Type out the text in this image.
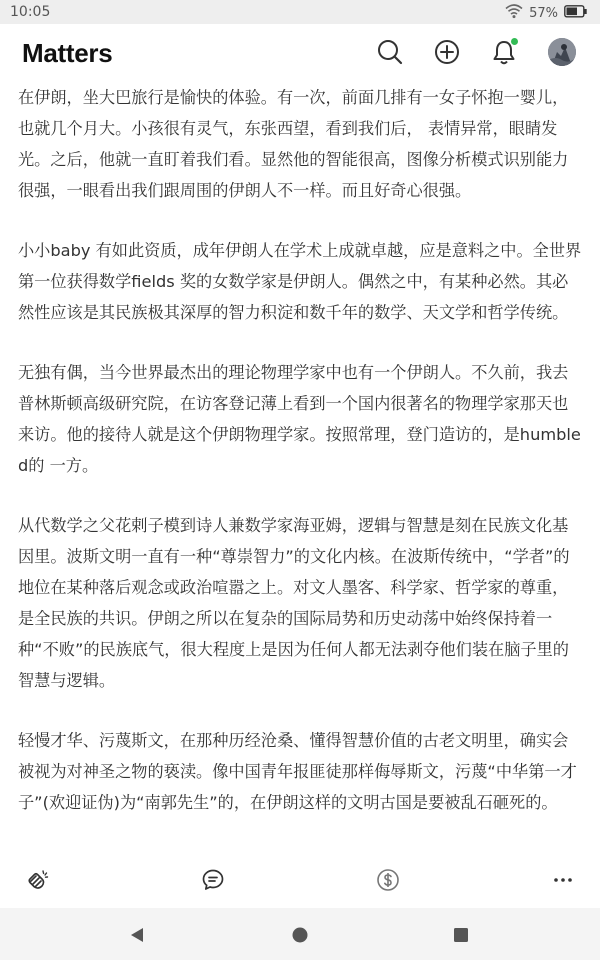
10:05	57%
Matters

在伊朗，坐大巴旅行是愉快的体验。有一次，前面几排有一女子怀抱一婴儿，也就几个月大。小孩很有灵气，东张西望，看到我们后， 表情异常，眼睛发光。之后，他就一直盯着我们看。显然他的智能很高，图像分析模式识别能力很强，一眼看出我们跟周围的伊朗人不一样。而且好奇心很强。

小小baby 有如此资质，成年伊朗人在学术上成就卓越，应是意料之中。全世界第一位获得数学fields 奖的女数学家是伊朗人。偶然之中，有某种必然。其必然性应该是其民族极其深厚的智力积淀和数千年的数学、天文学和哲学传统。

无独有偶，当今世界最杰出的理论物理学家中也有一个伊朗人。不久前，我去普林斯顿高级研究院，在访客登记薄上看到一个国内很著名的物理学家那天也来访。他的接待人就是这个伊朗物理学家。按照常理，登门造访的，是humbled的 一方。

从代数学之父花剌子模到诗人兼数学家海亚姆，逻辑与智慧是刻在民族文化基因里。波斯文明一直有一种“尊崇智力”的文化内核。在波斯传统中，“学者”的地位在某种落后观念或政治喧嚣之上。对文人墨客、科学家、哲学家的尊重，是全民族的共识。伊朗之所以在复杂的国际局势和历史动荡中始终保持着一种“不败”的民族底气，很大程度上是因为任何人都无法剥夺他们装在脑子里的智慧与逻辑。

轻慢才华、污蔑斯文，在那种历经沧桑、懂得智慧价值的古老文明里，确实会被视为对神圣之物的亵渎。像中国青年报匪徒那样侮辱斯文，污蔑“中华第一才子”(欢迎证伪)为“南郭先生”的，在伊朗这样的文明古国是要被乱石砸死的。
